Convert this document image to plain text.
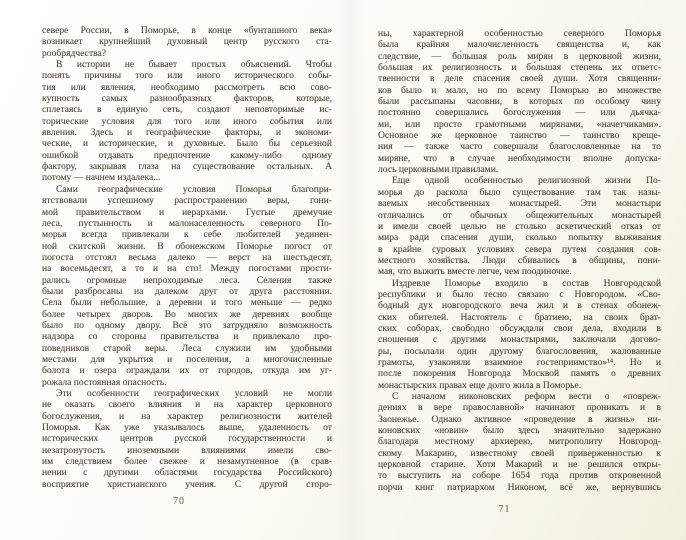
севере России, в Поморье, в конце «бунташного века»
возникает крупнейший духовный центр русского ста-
рообрядчества?
В истории не бывает простых объяснений. Чтобы
понять причины того или иного исторического собы-
тия или явления, необходимо рассмотреть всю сово-
купность самых разнообразных факторов, которые,
сплетаясь в единую сеть, создают неповторимые ис-
торические условия для того или иного события или
явления. Здесь и географические факторы, и экономи-
ческие, и исторические, и духовные. Было бы серьезной
ошибкой отдавать предпочтение какому-либо одному
фактору, закрывая глаза на существование остальных. А
потому — начнем издалека...
Сами географические условия Поморья благопри-
ятствовали успешному распространению веры, гони-
мой правительством и иерархами. Густые дремучие
леса, пустынность и малонаселенность северного По-
морья всегда привлекали к себе любителей уединен-
ной скитской жизни. В обонежском Поморье погост от
погоста отстоял весьма далеко — верст на шестьдесят,
на восемьдесят, а то и на сто! Между погостами прости-
рались огромные непроходимые леса. Селения также
были разбросаны на далеком друг от друга расстоянии.
Села были небольшие, а деревни и того меньше — редко
более четырех дворов. Во многих же деревнях вообще
было по одному двору. Всё это затрудняло возможность
надзора со стороны правительства и привлекало про-
поведников старой веры. Леса служили им удобными
местами для укрытия и поселения, а многочисленные
болота и озера ограждали их от городов, откуда им уг-
рожала постоянная опасность.
Эти особенности географических условий не могли
не оказать своего влияния и на характер церковного
богослужения, и на характер религиозности жителей
Поморья. Как уже указывалось выше, удаленность от
исторических центров русской государственности и
незатронутость иноземными влияниями имели сво-
им следствием более свежее и незамутненное (в срав-
нении с другими областями государства Российского)
восприятие христианского учения. С другой сторо-
ны, характерной особенностью северного Поморья
была крайняя малочисленность священства и, как
следствие, — бо́льшая роль мирян в церковной жизни,
бо́льшая их религиозность и бо́льшая степень их ответс-
твенности в деле спасения своей души. Хотя священни-
ков было и мало, но по всему Поморью во множестве
были рассыпаны часовни, в которых по особому чину
постоянно совершались богослужения — или дьячка-
ми, или просто грамотными мирянами, «начетчиками».
Основное же церковное таинство — таинство креще-
ния — также часто совершали благословленные на то
миряне, что в случае необходимости вполне допуска-
лось церковными правилами.
Еще одной особенностью религиозной жизни По-
морья до раскола было существование там так назы-
ваемых несобственных монастырей. Эти монастыри
отличались от обычных общежительных монастырей
и имели своей целью не столько аскетический отказ от
мира ради спасения души, сколько попытку выживания
в крайне суровых условиях севера путем создания сов-
местного хозяйства. Люди сбивались в общины, пони-
мая, что выжить вместе легче, чем поодиночке.
Издревле Поморье входило в состав Новгородской
республики и было тесно связано с Новгородом. «Сво-
бодный дух новгородского веча жил и в стенах обонеж-
ских обителей. Настоятель с братиею, на своих брат-
ских соборах, свободно обсуждали свои дела, входили в
сношения с другими монастырями, заключали догово-
ры, посылали один другому благословения, жалованные
грамоты, узаконяли взаимное гостеприимство»¹⁴. Но и
после покорения Новгорода Москвой память о древних
монастырских правах еще долго жила в Поморье.
С началом никоновских реформ вести о «повреж-
дениях в вере православной» начинают проникать и в
Заонежье. Однако активное «проведение в жизнь» ни-
коновских «новин» было здесь значительно задержано
благодаря местному архиерею, митрополиту Новгород-
скому Макарию, известному своей приверженностью к
церковной старине. Хотя Макарий и не решился откры-
то выступить на соборе 1654 года против откровенной
порчи книг патриархом Никоном, всё же, вернувшись
70
71
